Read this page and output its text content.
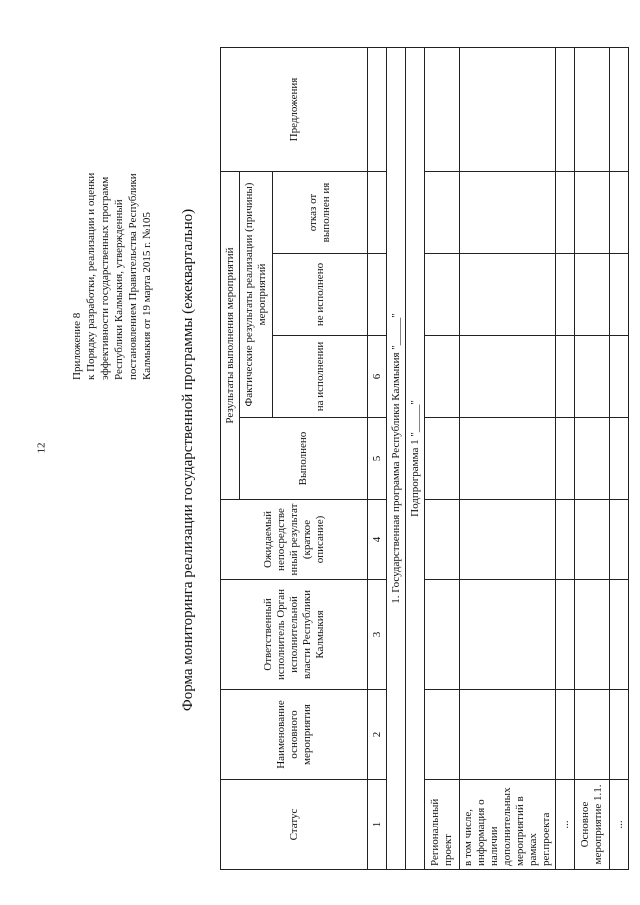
12
Приложение 8 к Порядку разработки, реализации и оценки эффективности государственных программ Республики Калмыкия, утвержденный постановлением Правительства Республики Калмыкия от 19 марта 2015 г. №105 Форма мониторинга реализации государственной программы (ежеквартально)
Статус	Наименование основного мероприятия	Ответственный исполнитель Орган исполнительной власти Республики Калмыкия	Ожидаемый непосредстве нный результат (краткое описание)	Результаты выполнения мероприятий				Предложения
				Выполнено	Фактические результаты реализации (причины) мероприятий			
					на исполнении	не исполнено	отказ от выполнен ия	
1	2	3	4	5	6			
1. Государственная программа Республики Калмыкия "_____"								
Подпрограмма 1 "_____"								
Региональный проект								
в том числе, информация о наличии дополнительных мероприятий в рамках рег.проекта								
...								
Основное мероприятие 1.1.								
...								
